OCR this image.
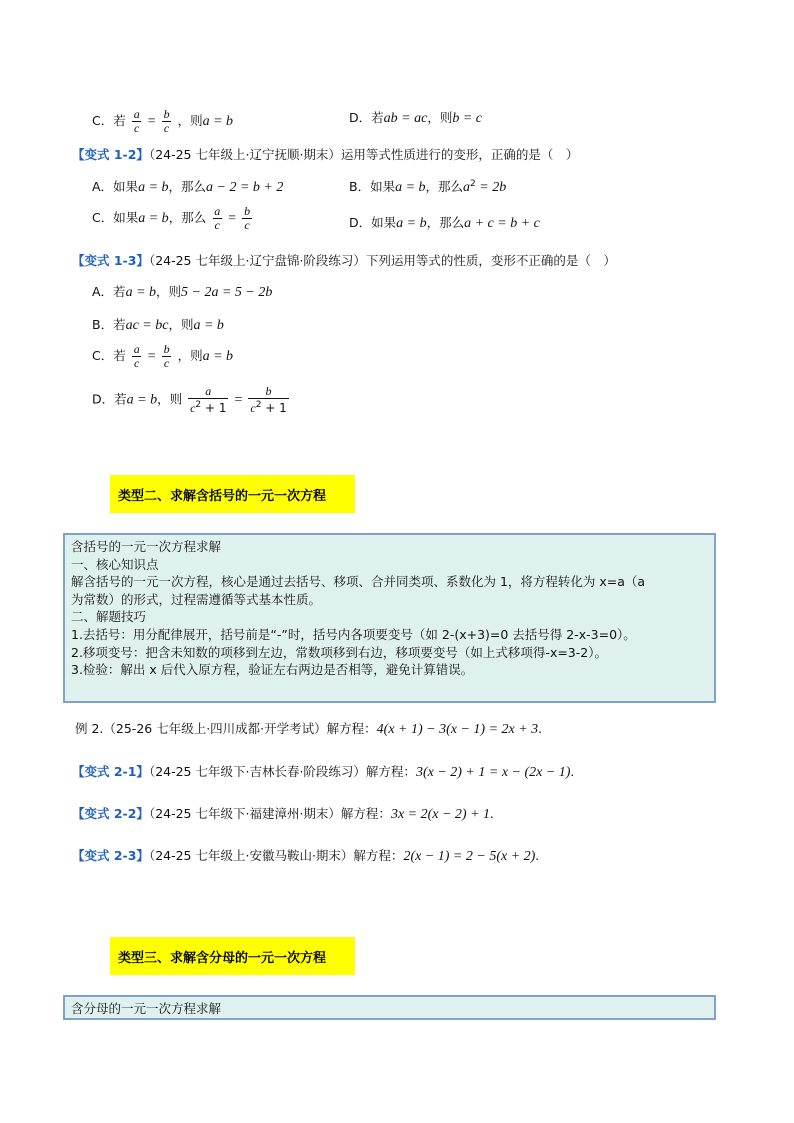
C．若 $\frac{a}{c} = \frac{b}{c}$ ，则a = b	D．若ab = ac，则b = c
【变式 1-2】（24-25 七年级上·辽宁抚顺·期末）运用等式性质进行的变形，正确的是（　）
A．如果a = b，那么a − 2 = b + 2	B．如果a = b，那么$a^2 = 2b$
C．如果a = b，那么 $\frac{a}{c} = \frac{b}{c}$	D．如果a = b，那么a + c = b + c
【变式 1-3】（24-25 七年级上·辽宁盘锦·阶段练习）下列运用等式的性质，变形不正确的是（　）
A．若a = b，则5 − 2a = 5 − 2b
B．若ac = bc，则a = b
C．若 $\frac{a}{c} = \frac{b}{c}$ ，则a = b
D．若a = b，则 $\frac{a}{c^2 + 1} = \frac{b}{c^2 + 1}$
类型二、求解含括号的一元一次方程
含括号的一元一次方程求解
一、核心知识点
解含括号的一元一次方程，核心是通过去括号、移项、合并同类项、系数化为 1，将方程转化为 x=a（a
为常数）的形式，过程需遵循等式基本性质。
二、解题技巧
1.去括号：用分配律展开，括号前是“-”时，括号内各项要变号（如 2-(x+3)=0 去括号得 2-x-3=0）。
2.移项变号：把含未知数的项移到左边，常数项移到右边，移项要变号（如上式移项得-x=3-2）。
3.检验：解出 x 后代入原方程，验证左右两边是否相等，避免计算错误。
例 2.（25-26 七年级上·四川成都·开学考试）解方程：4(x + 1) − 3(x − 1) = 2x + 3.
【变式 2-1】（24-25 七年级下·吉林长春·阶段练习）解方程：3(x − 2) + 1 = x − (2x − 1).
【变式 2-2】（24-25 七年级下·福建漳州·期末）解方程：3x = 2(x − 2) + 1.
【变式 2-3】（24-25 七年级上·安徽马鞍山·期末）解方程：2(x − 1) = 2 − 5(x + 2).
类型三、求解含分母的一元一次方程
含分母的一元一次方程求解
